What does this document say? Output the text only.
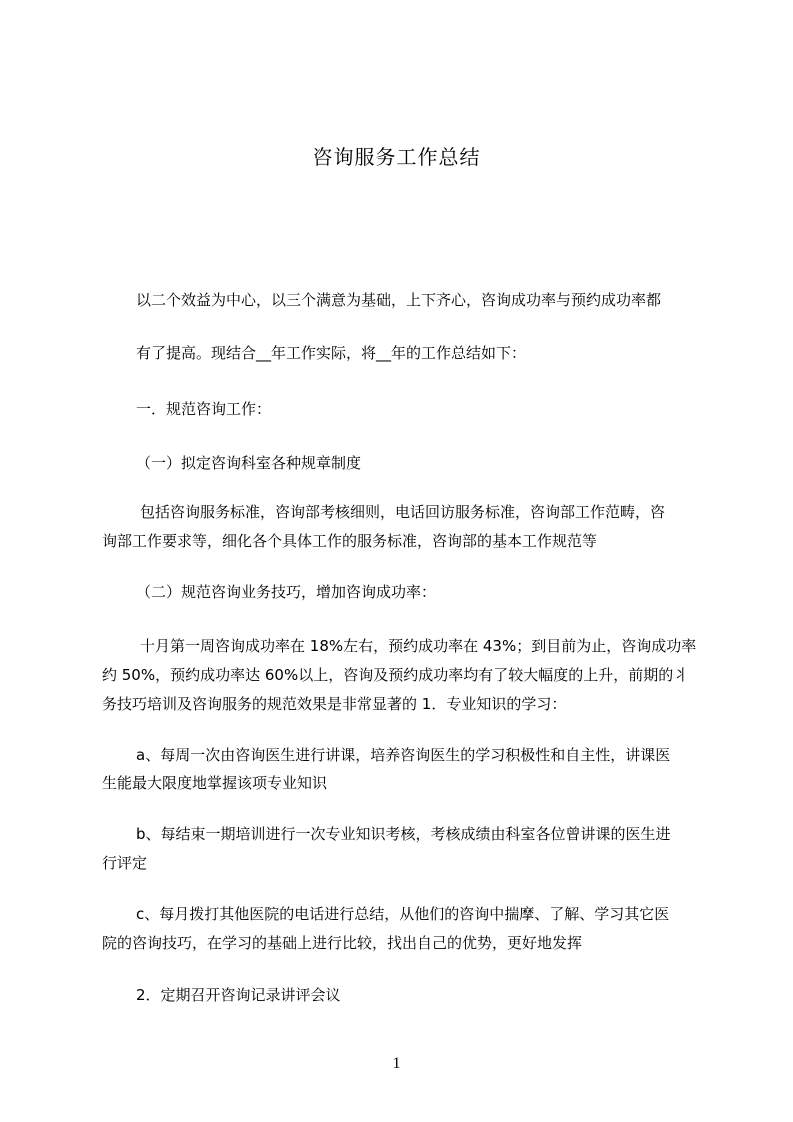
咨询服务工作总结
以二个效益为中心，以三个满意为基础，上下齐心，咨询成功率与预约成功率都
有了提高。现结合__年工作实际，将__年的工作总结如下：
一．规范咨询工作：
（一）拟定咨询科室各种规章制度
包括咨询服务标准，咨询部考核细则，电话回访服务标准，咨询部工作范畴，咨
询部工作要求等，细化各个具体工作的服务标准，咨询部的基本工作规范等
（二）规范咨询业务技巧，增加咨询成功率：
十月第一周咨询成功率在 18%左右，预约成功率在 43%；到目前为止，咨询成功率
约 50%，预约成功率达 60%以上，咨询及预约成功率均有了较大幅度的上升，前期的丬
务技巧培训及咨询服务的规范效果是非常显著的 1．专业知识的学习：
a、每周一次由咨询医生进行讲课，培养咨询医生的学习积极性和自主性，讲课医
生能最大限度地掌握该项专业知识
b、每结束一期培训进行一次专业知识考核，考核成绩由科室各位曾讲课的医生进
行评定
c、每月拨打其他医院的电话进行总结，从他们的咨询中揣摩、了解、学习其它医
院的咨询技巧，在学习的基础上进行比较，找出自己的优势，更好地发挥
2．定期召开咨询记录讲评会议
1
